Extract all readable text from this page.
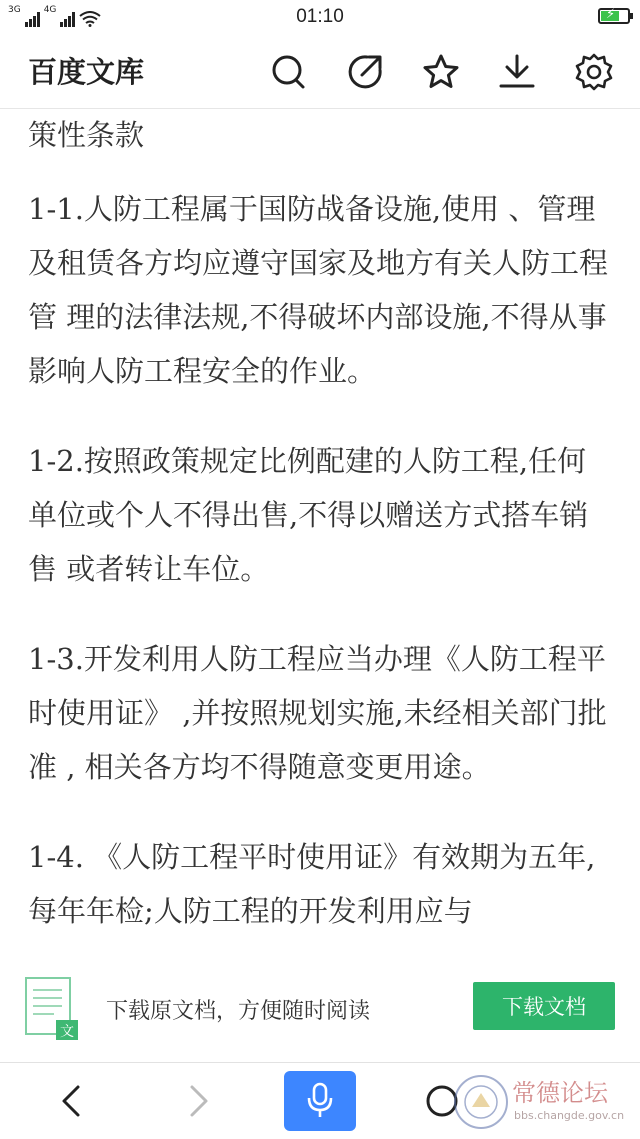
3G	4G	01:10	⚡
百度文库
策性条款

1-1.人防工程属于国防战备设施,使用 、管理及租赁各方均应遵守国家及地方有关人防工程管 理的法律法规,不得破坏内部设施,不得从事影响人防工程安全的作业。

1-2.按照政策规定比例配建的人防工程,任何单位或个人不得出售,不得以赠送方式搭车销售 或者转让车位。

1-3.开发利用人防工程应当办理《人防工程平时使用证》 ,并按照规划实施,未经相关部门批 准 , 相关各方均不得随意变更用途。

1-4. 《人防工程平时使用证》有效期为五年,每年年检;人防工程的开发利用应与

文
下载原文档，方便随时阅读	下载文档
常德论坛
bbs.changde.gov.cn
